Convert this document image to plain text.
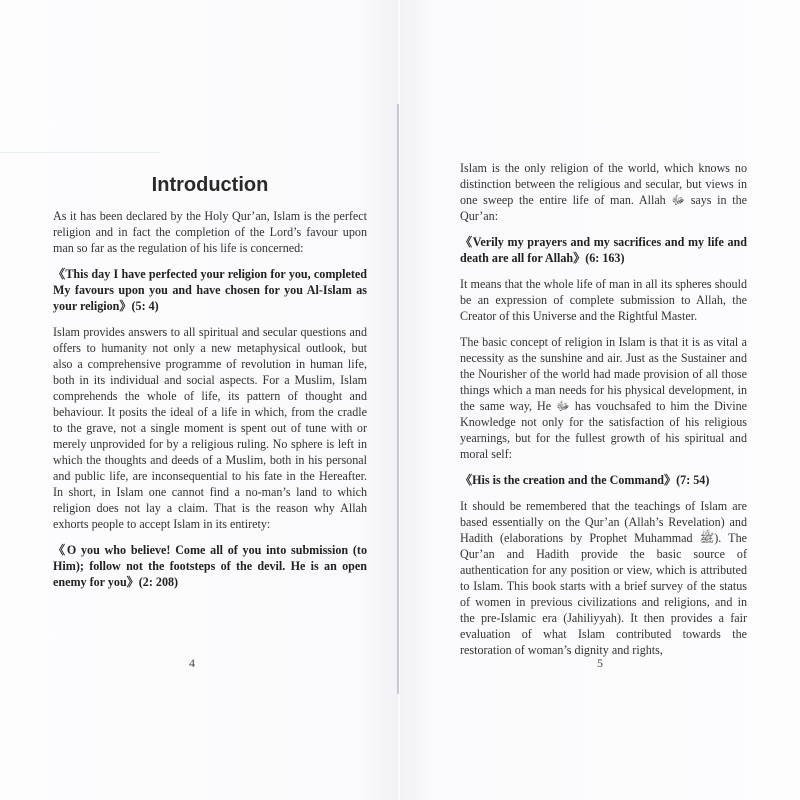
Introduction

As it has been declared by the Holy Qur’an, Islam is the perfect religion and in fact the completion of the Lord’s favour upon man so far as the regulation of his life is concerned:

《This day I have perfected your religion for you, completed My favours upon you and have chosen for you Al-Islam as your religion》(5: 4)

Islam provides answers to all spiritual and secular questions and offers to humanity not only a new metaphysical outlook, but also a comprehensive programme of revolution in human life, both in its individual and social aspects. For a Muslim, Islam comprehends the whole of life, its pattern of thought and behaviour. It posits the ideal of a life in which, from the cradle to the grave, not a single moment is spent out of tune with or merely unprovided for by a religious ruling. No sphere is left in which the thoughts and deeds of a Muslim, both in his personal and public life, are inconsequential to his fate in the Hereafter. In short, in Islam one cannot find a no-man’s land to which religion does not lay a claim. That is the reason why Allah exhorts people to accept Islam in its entirety:

《O you who believe! Come all of you into submission (to Him); follow not the footsteps of the devil. He is an open enemy for you》(2: 208)

Islam is the only religion of the world, which knows no distinction between the religious and secular, but views in one sweep the entire life of man. Allah ﷻ says in the Qur’an:

《Verily my prayers and my sacrifices and my life and death are all for Allah》(6: 163)

It means that the whole life of man in all its spheres should be an expression of complete submission to Allah, the Creator of this Universe and the Rightful Master.

The basic concept of religion in Islam is that it is as vital a necessity as the sunshine and air. Just as the Sustainer and the Nourisher of the world had made provision of all those things which a man needs for his physical development, in the same way, He ﷻ has vouchsafed to him the Divine Knowledge not only for the satisfaction of his religious yearnings, but for the fullest growth of his spiritual and moral self:

《His is the creation and the Command》(7: 54)

It should be remembered that the teachings of Islam are based essentially on the Qur’an (Allah’s Revelation) and Hadith (elaborations by Prophet Muhammad ﷺ). The Qur’an and Hadith provide the basic source of authentication for any position or view, which is attributed to Islam. This book starts with a brief survey of the status of women in previous civilizations and religions, and in the pre-Islamic era (Jahiliyyah). It then provides a fair evaluation of what Islam contributed towards the restoration of woman’s dignity and rights,

4	5
